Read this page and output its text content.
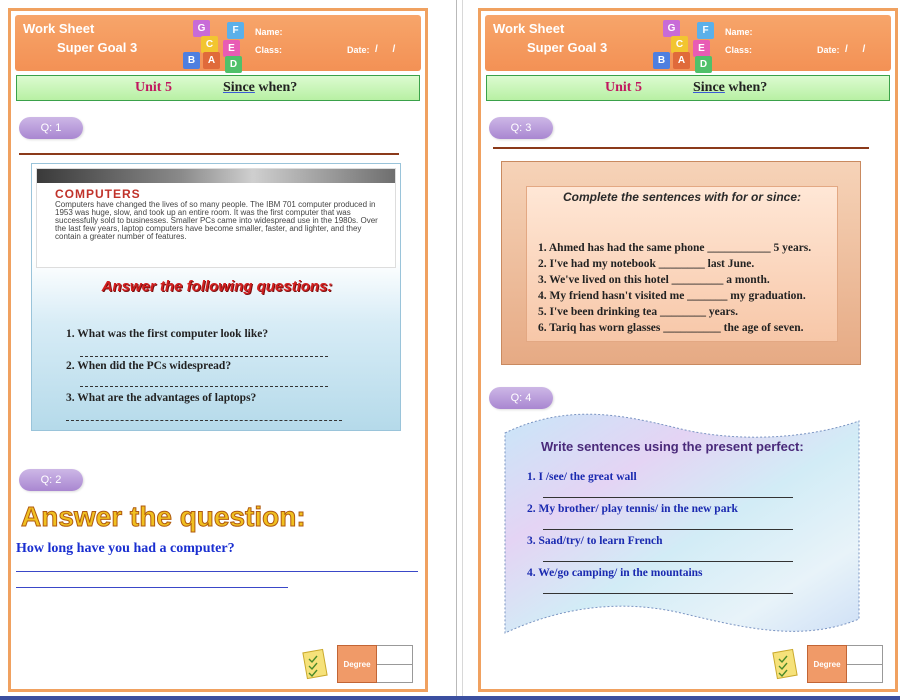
Work Sheet
Super Goal 3
G	F
C	E
B	A	D
Name:
Class:	Date: / /
Unit 5	Since when?
Q: 1
COMPUTERS
Computers have changed the lives of so many people. The IBM 701 computer produced in 1953 was huge, slow, and took up an entire room. It was the first computer that was successfully sold to businesses. Smaller PCs came into widespread use in the 1980s. Over the last few years, laptop computers have become smaller, faster, and lighter, and they contain a greater number of features.
Answer the following questions:
1. What was the first computer look like?
2. When did the PCs widespread?
3. What are the advantages of laptops?
Q: 2
Answer the question:
How long have you had a computer?
Degree
Work Sheet
Super Goal 3
G	F
C	E
B	A	D
Name:
Class:	Date: / /
Unit 5	Since when?
Q: 3
Complete the sentences with for or since:
1. Ahmed has had the same phone ___________ 5 years.
2. I've had my notebook ________ last June.
3. We've lived on this hotel _________ a month.
4. My friend hasn't visited me _______ my graduation.
5. I've been drinking tea ________ years.
6. Tariq has worn glasses __________ the age of seven.
Q: 4
Write sentences using the present perfect:
1. I /see/ the great wall
2. My brother/ play tennis/ in the new park
3. Saad/try/ to learn French
4. We/go camping/ in the mountains
Degree
